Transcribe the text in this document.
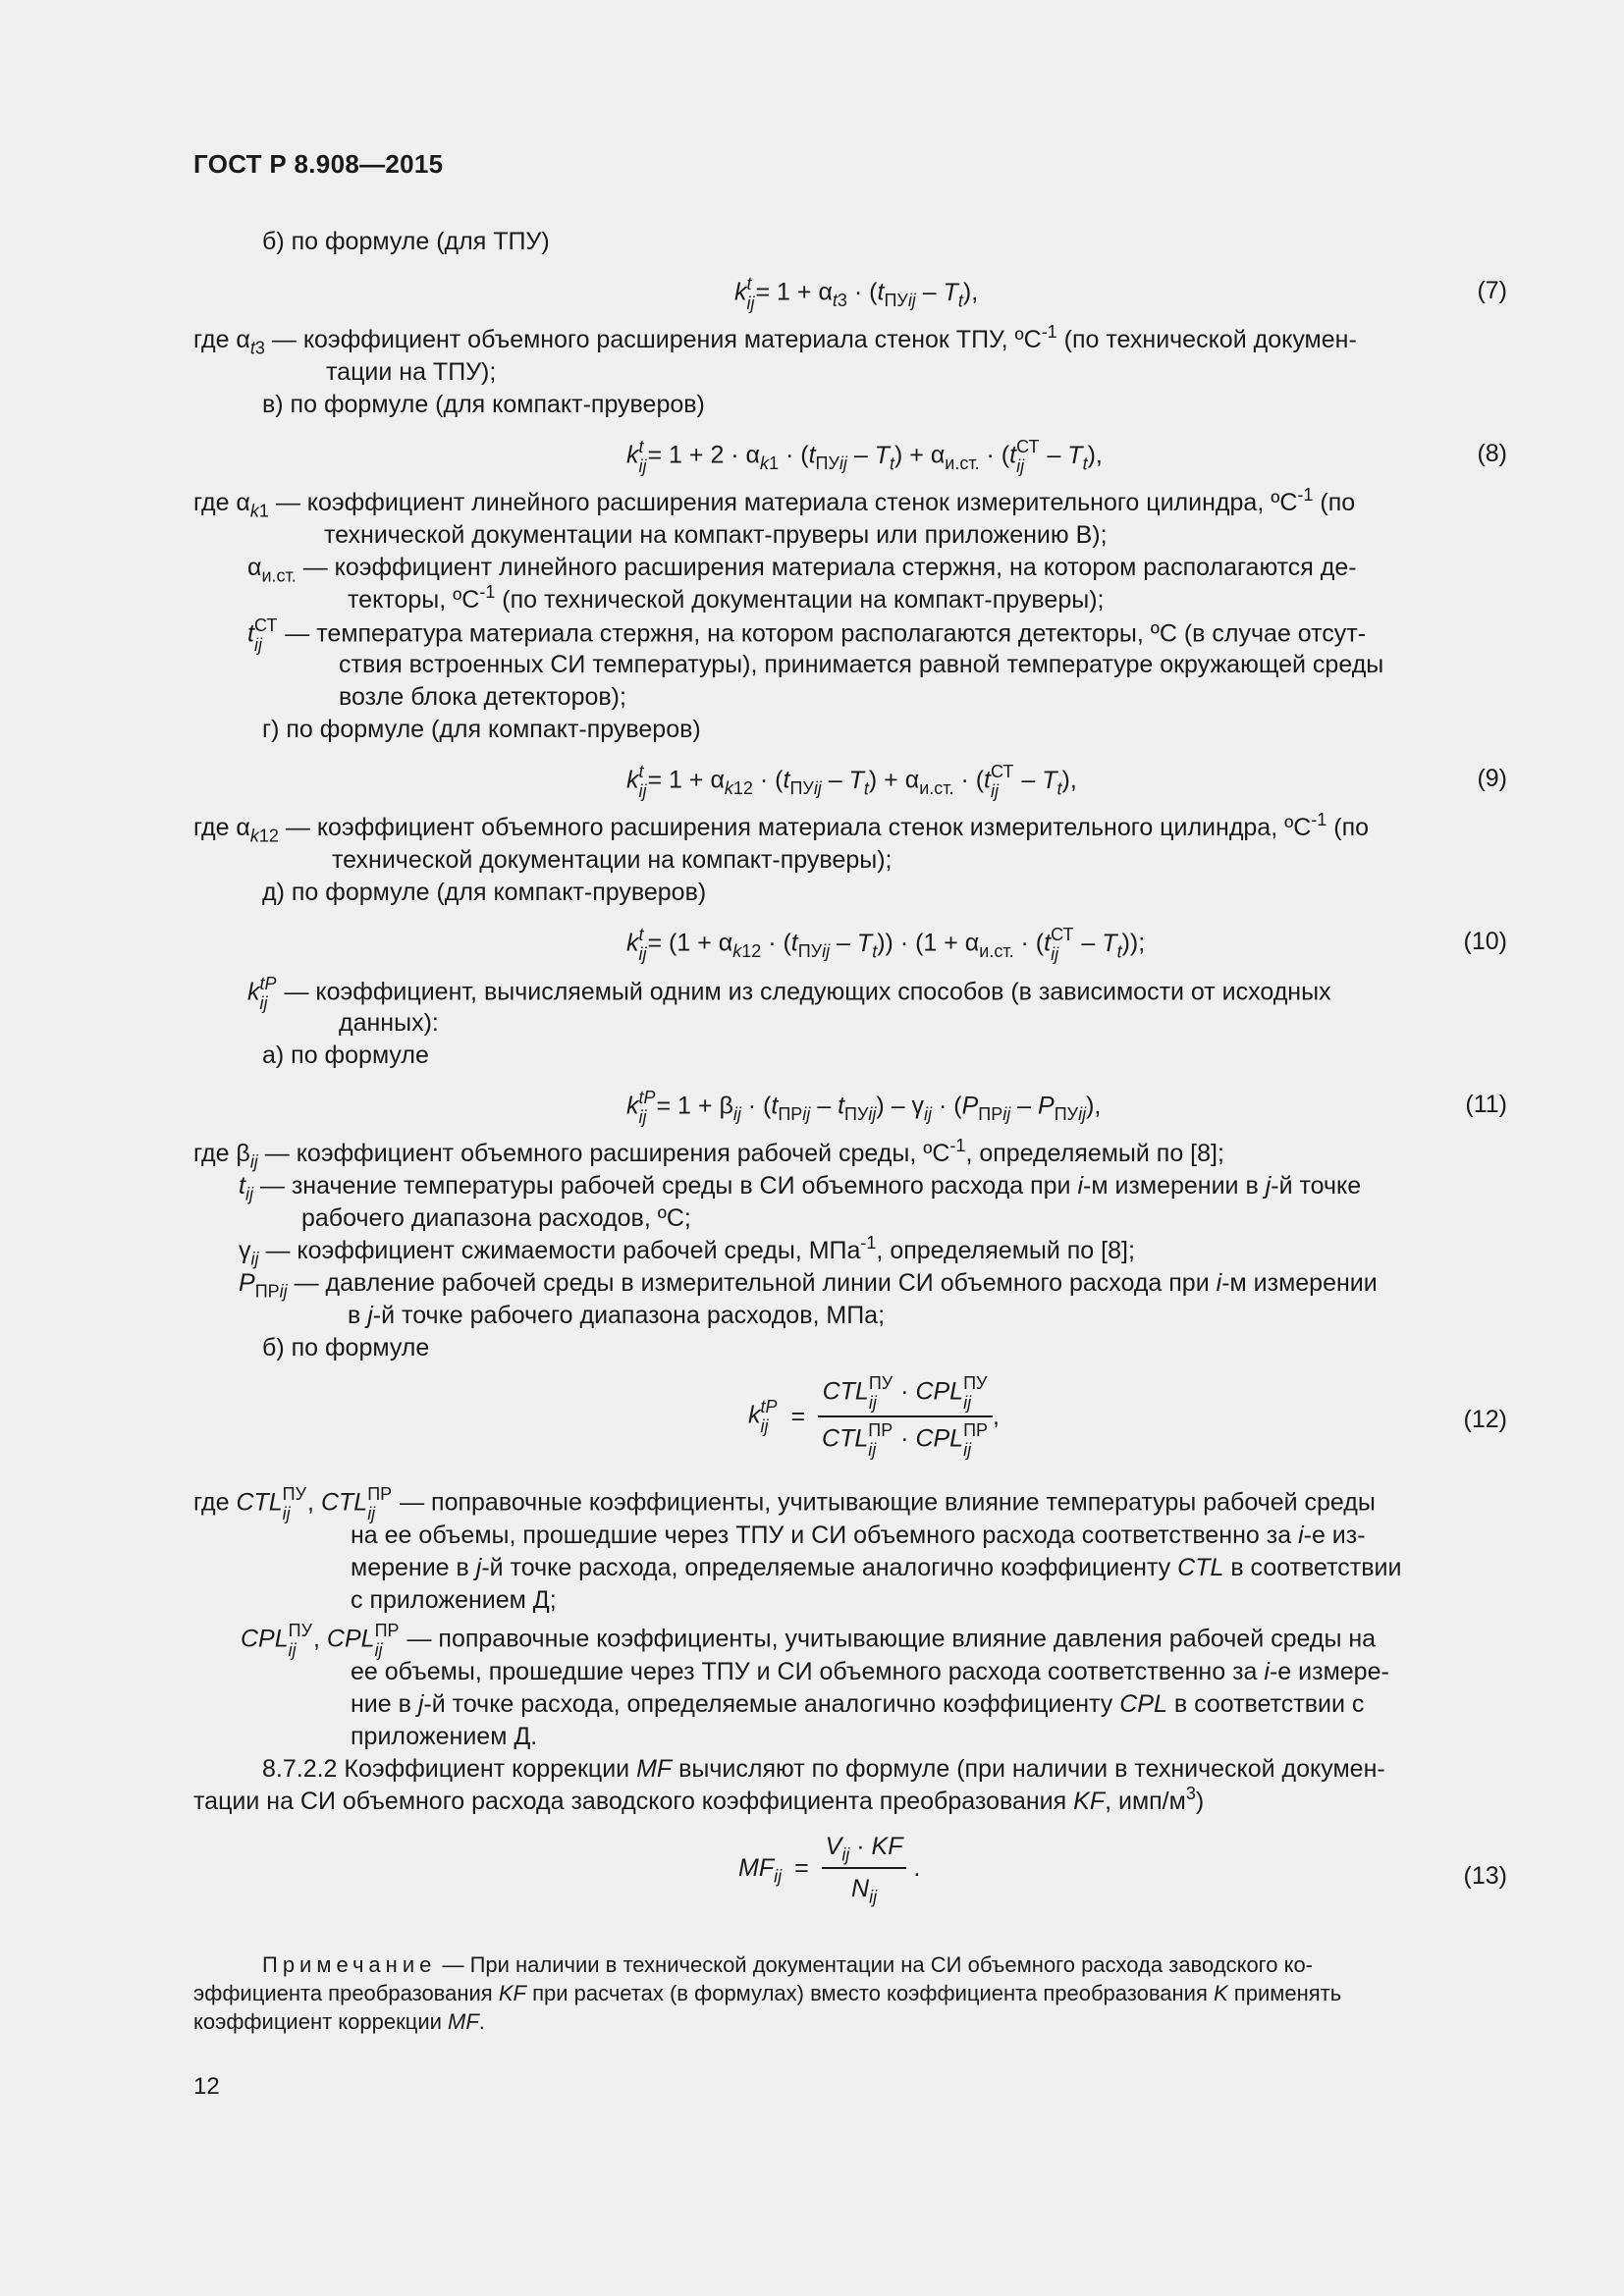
ГОСТ Р 8.908—2015
б) по формуле (для ТПУ)
k t
ij = $1 + \alpha_{t3} \cdot (t_{ПУij} - T_t)$,	(7)
где $\alpha_{t3}$ — коэффициент объемного расширения материала стенок ТПУ, ºC$^{-1}$ (по технической докумен-
тации на ТПУ);
в) по формуле (для компакт-пруверов)
k t
ij = $1 + 2 \cdot \alpha_{k1} \cdot (t_{ПУij} - T_t) + \alpha_{и.ст.} \cdot (t$ СТ
ij – $T_t$),	(8)
где $\alpha_{k1}$ — коэффициент линейного расширения материала стенок измерительного цилиндра, ºC$^{-1}$ (по
технической документации на компакт-пруверы или приложению В);
$\alpha_{и.ст.}$ — коэффициент линейного расширения материала стержня, на котором располагаются де-
текторы, ºC$^{-1}$ (по технической документации на компакт-пруверы);
t СТ
ij — температура материала стержня, на котором располагаются детекторы, ºC (в случае отсут-
ствия встроенных СИ температуры), принимается равной температуре окружающей среды
возле блока детекторов);
г) по формуле (для компакт-пруверов)
k t
ij = $1 + \alpha_{k12} \cdot (t_{ПУij} - T_t) + \alpha_{и.ст.} \cdot (t$ СТ
ij – $T_t$),	(9)
где $\alpha_{k12}$ — коэффициент объемного расширения материала стенок измерительного цилиндра, ºC$^{-1}$ (по
технической документации на компакт-пруверы);
д) по формуле (для компакт-пруверов)
k t
ij = $(1 + \alpha_{k12} \cdot (t_{ПУij} - T_t)) \cdot (1 + \alpha_{и.ст.} \cdot (t$ СТ
ij – $T_t$));	(10)
k tP
ij — коэффициент, вычисляемый одним из следующих способов (в зависимости от исходных
данных):
а) по формуле
k tP
ij = $1 + \beta_{ij} \cdot (t_{ПРij} - t_{ПУij}) - \gamma_{ij} \cdot (P_{ПРij} - P_{ПУij})$,	(11)
где $\beta_{ij}$ — коэффициент объемного расширения рабочей среды, ºC$^{-1}$, определяемый по [8];
$t_{ij}$ — значение температуры рабочей среды в СИ объемного расхода при i-м измерении в j-й точке
рабочего диапазона расходов, ºC;
$\gamma_{ij}$ — коэффициент сжимаемости рабочей среды, МПа$^{-1}$, определяемый по [8];
$P_{ПРij}$ — давление рабочей среды в измерительной линии СИ объемного расхода при i-м измерении
в j-й точке рабочего диапазона расходов, МПа;
б) по формуле
k tP
ij = CTL ПУ
ij · CPL ПУ
ij
CTL ПР
ij · CPL ПР
ij ,	(12)
где CTL ПУ
ij , CTL ПР
ij — поправочные коэффициенты, учитывающие влияние температуры рабочей среды
на ее объемы, прошедшие через ТПУ и СИ объемного расхода соответственно за i-е из-
мерение в j-й точке расхода, определяемые аналогично коэффициенту CTL в соответствии
с приложением Д;
CPL ПУ
ij , CPL ПР
ij — поправочные коэффициенты, учитывающие влияние давления рабочей среды на
ее объемы, прошедшие через ТПУ и СИ объемного расхода соответственно за i-е измере-
ние в j-й точке расхода, определяемые аналогично коэффициенту CPL в соответствии с
приложением Д.
8.7.2.2 Коэффициент коррекции MF вычисляют по формуле (при наличии в технической докумен-
тации на СИ объемного расхода заводского коэффициента преобразования KF, имп/$м^3$)
$MF_{ij} = \frac{V_{ij} \cdot KF}{N_{ij}}$ .	(13)
Примечание — При наличии в технической документации на СИ объемного расхода заводского ко-
эффициента преобразования KF при расчетах (в формулах) вместо коэффициента преобразования K применять
коэффициент коррекции MF.
12
